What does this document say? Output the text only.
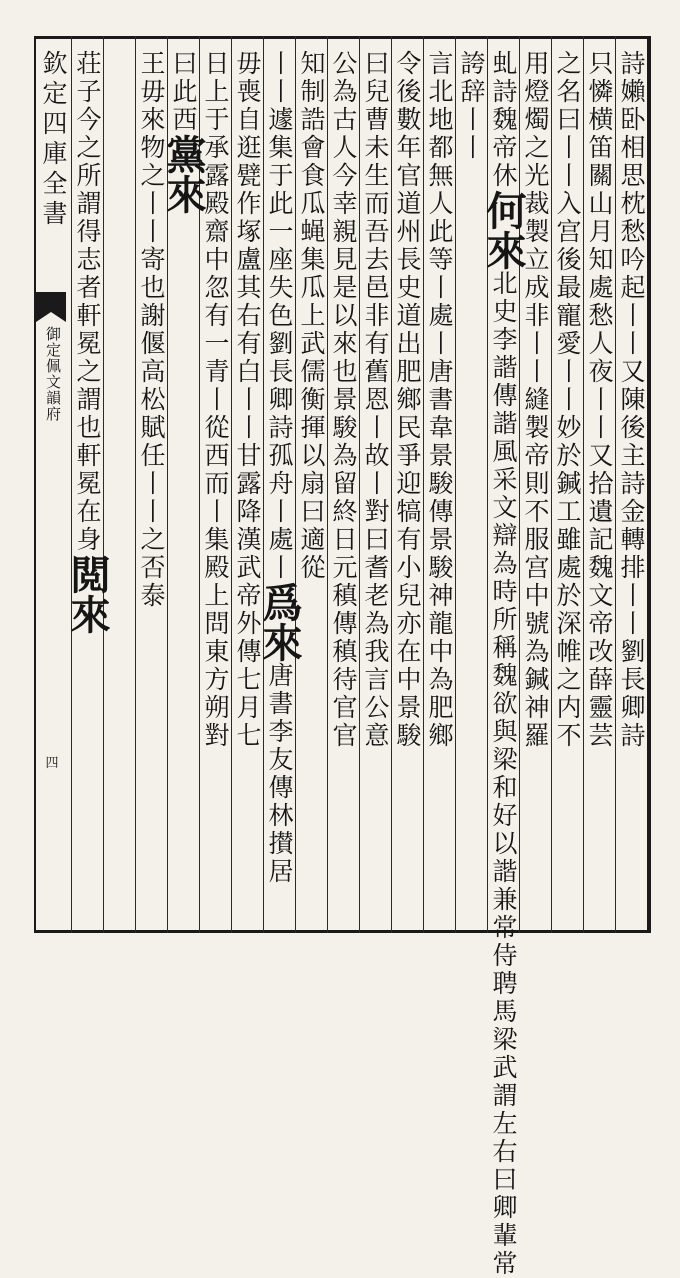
欽定四庫全書
御定佩文韻府
四
詩嬾卧相思枕愁吟起丨丨又陳後主詩金轉排丨丨劉長卿詩
只憐横笛關山月知處愁人夜丨丨又拾遺記魏文帝改薛靈芸
之名曰丨丨入宫後最寵愛丨丨妙於鍼工雖處於深帷之内不
用燈燭之光裁製立成非丨丨縫製帝則不服宫中號為鍼神羅
虬詩魏帝休何來北史李諧傳諧風采文辯為時所稱魏欲與梁和好以諧兼常侍聘馬梁武謂左右曰卿輩常
誇辞丨丨
言北地都無人此等丨處丨唐書韋景駿傳景駿神龍中為肥鄉
令後數年官道州長史道出肥鄉民爭迎犒有小兒亦在中景駿
曰兒曹未生而吾去邑非有舊恩丨故丨對曰耆老為我言公意
公為古人今幸親見是以來也景駿為留終日元稹傳稹待官官
知制誥會食瓜蝇集瓜上武儒衡揮以扇曰適從
丨丨遽集于此一座失色劉長卿詩孤舟丨處丨爲來唐書李友傳林攅居
毋喪自逛甓作塚盧其右有白丨丨甘露降漢武帝外傳七月七
日上于承露殿齋中忽有一青丨從西而丨集殿上問東方朔對
曰此西黨來
王毋來物之丨丨寄也謝偃高松賦任丨丨之否泰
荘子今之所謂得志者軒冕之謂也軒冕在身閲來
